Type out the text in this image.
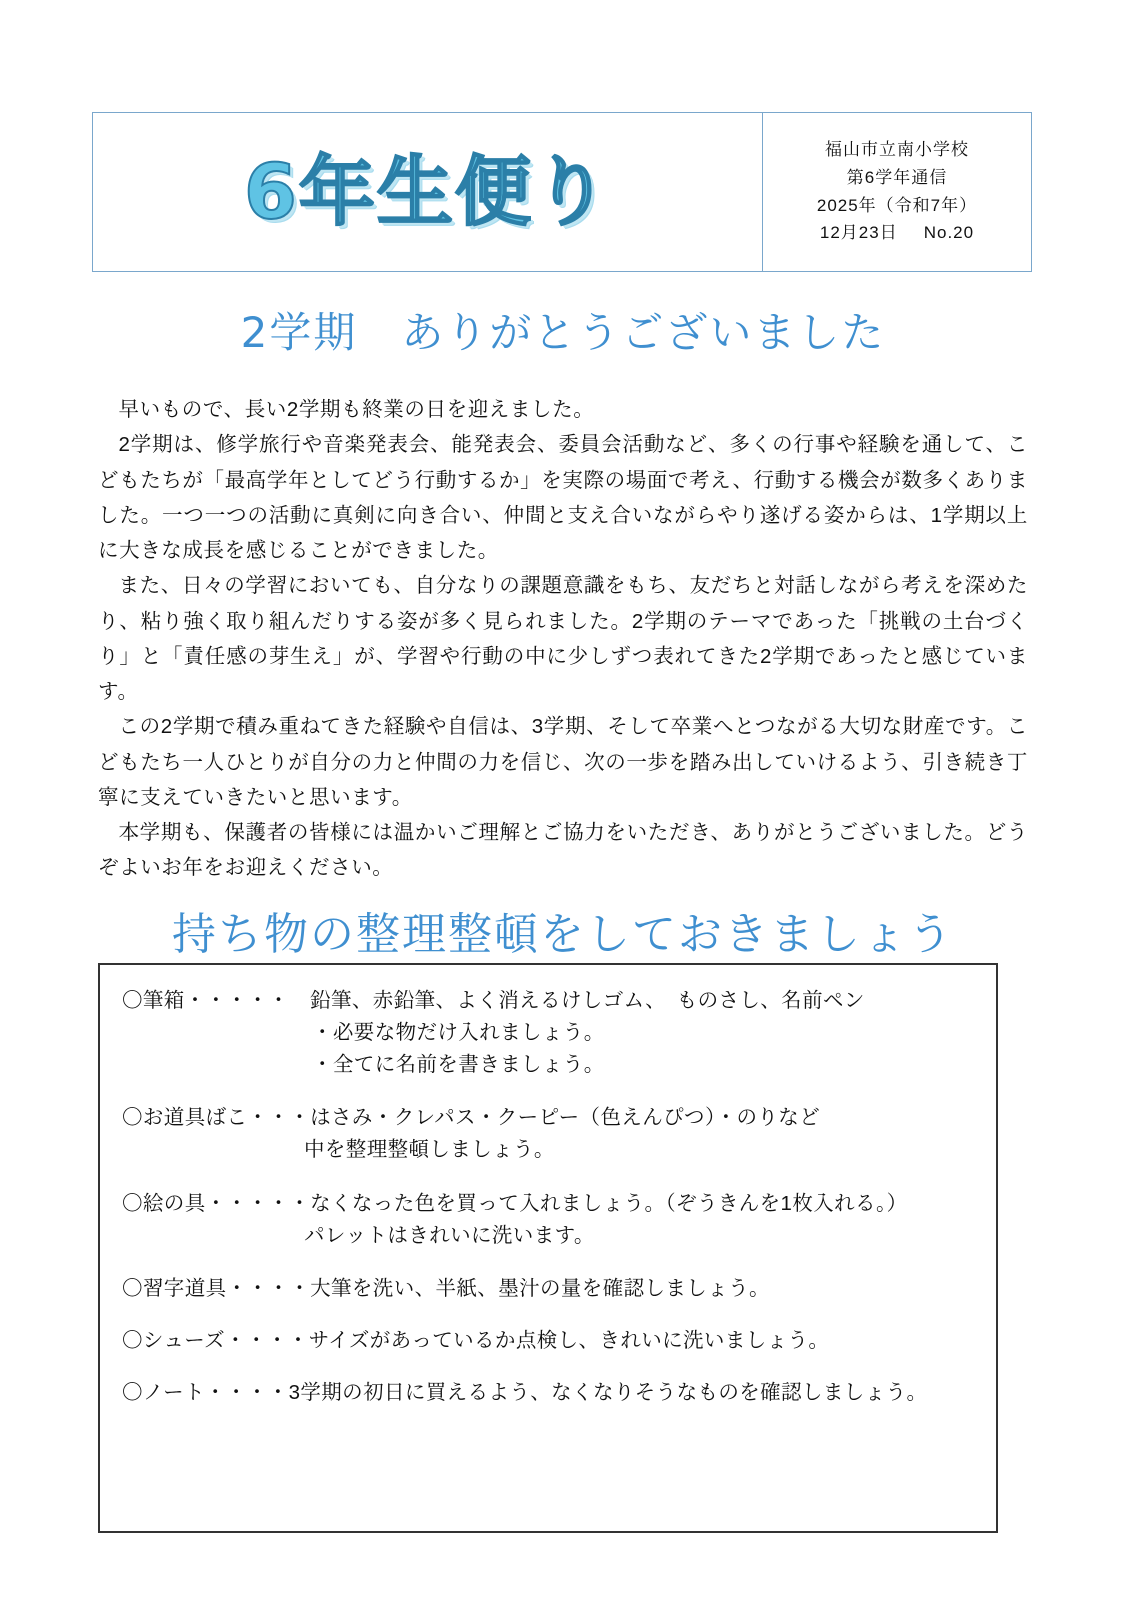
6年生便り	福山市立南小学校
第6学年通信
2025年（令和7年）
12月23日 No.20
2学期　ありがとうございました

早いもので、長い2学期も終業の日を迎えました。

2学期は、修学旅行や音楽発表会、能発表会、委員会活動など、多くの行事や経験を通して、こどもたちが「最高学年としてどう行動するか」を実際の場面で考え、行動する機会が数多くありました。一つ一つの活動に真剣に向き合い、仲間と支え合いながらやり遂げる姿からは、1学期以上に大きな成長を感じることができました。

また、日々の学習においても、自分なりの課題意識をもち、友だちと対話しながら考えを深めたり、粘り強く取り組んだりする姿が多く見られました。2学期のテーマであった「挑戦の土台づくり」と「責任感の芽生え」が、学習や行動の中に少しずつ表れてきた2学期であったと感じています。

この2学期で積み重ねてきた経験や自信は、3学期、そして卒業へとつながる大切な財産です。こどもたち一人ひとりが自分の力と仲間の力を信じ、次の一歩を踏み出していけるよう、引き続き丁寧に支えていきたいと思います。

本学期も、保護者の皆様には温かいご理解とご協力をいただき、ありがとうございました。どうぞよいお年をお迎えください。

持ち物の整理整頓をしておきましょう
〇筆箱・・・・・　鉛筆、赤鉛筆、よく消えるけしゴム、　ものさし、名前ペン
・必要な物だけ入れましょう。
・全てに名前を書きましょう。
〇お道具ばこ・・・はさみ・クレパス・クーピー（色えんぴつ）・のりなど
中を整理整頓しましょう。
〇絵の具・・・・・なくなった色を買って入れましょう。（ぞうきんを1枚入れる。）
パレットはきれいに洗います。
〇習字道具・・・・大筆を洗い、半紙、墨汁の量を確認しましょう。
〇シューズ・・・・サイズがあっているか点検し、きれいに洗いましょう。
〇ノート・・・・3学期の初日に買えるよう、なくなりそうなものを確認しましょう。
